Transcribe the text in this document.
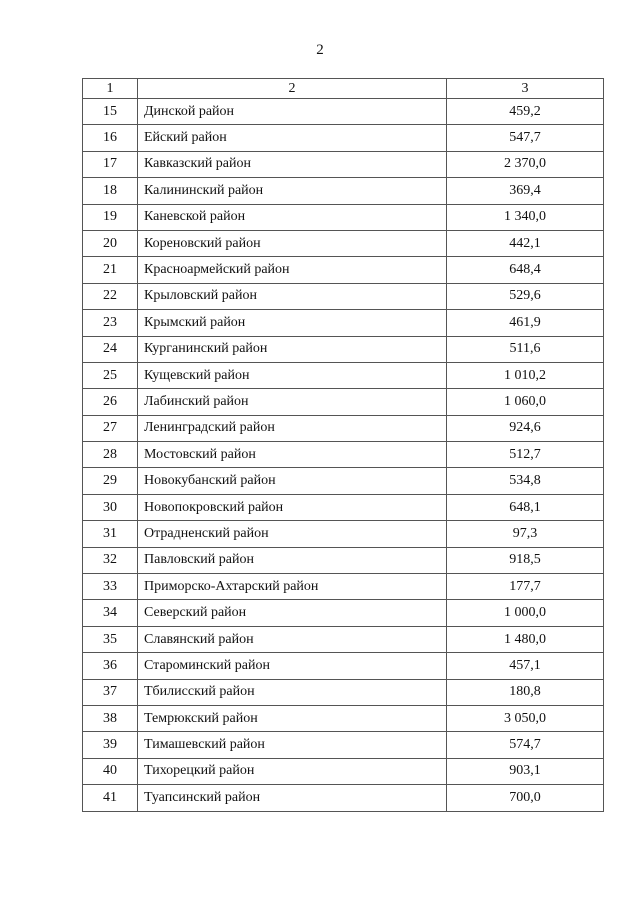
2
1	2	3
15	Динской район	459,2
16	Ейский район	547,7
17	Кавказский район	2 370,0
18	Калининский район	369,4
19	Каневской район	1 340,0
20	Кореновский район	442,1
21	Красноармейский район	648,4
22	Крыловский район	529,6
23	Крымский район	461,9
24	Курганинский район	511,6
25	Кущевский район	1 010,2
26	Лабинский район	1 060,0
27	Ленинградский район	924,6
28	Мостовский район	512,7
29	Новокубанский район	534,8
30	Новопокровский район	648,1
31	Отрадненский район	97,3
32	Павловский район	918,5
33	Приморско-Ахтарский район	177,7
34	Северский район	1 000,0
35	Славянский район	1 480,0
36	Староминский район	457,1
37	Тбилисский район	180,8
38	Темрюкский район	3 050,0
39	Тимашевский район	574,7
40	Тихорецкий район	903,1
41	Туапсинский район	700,0
